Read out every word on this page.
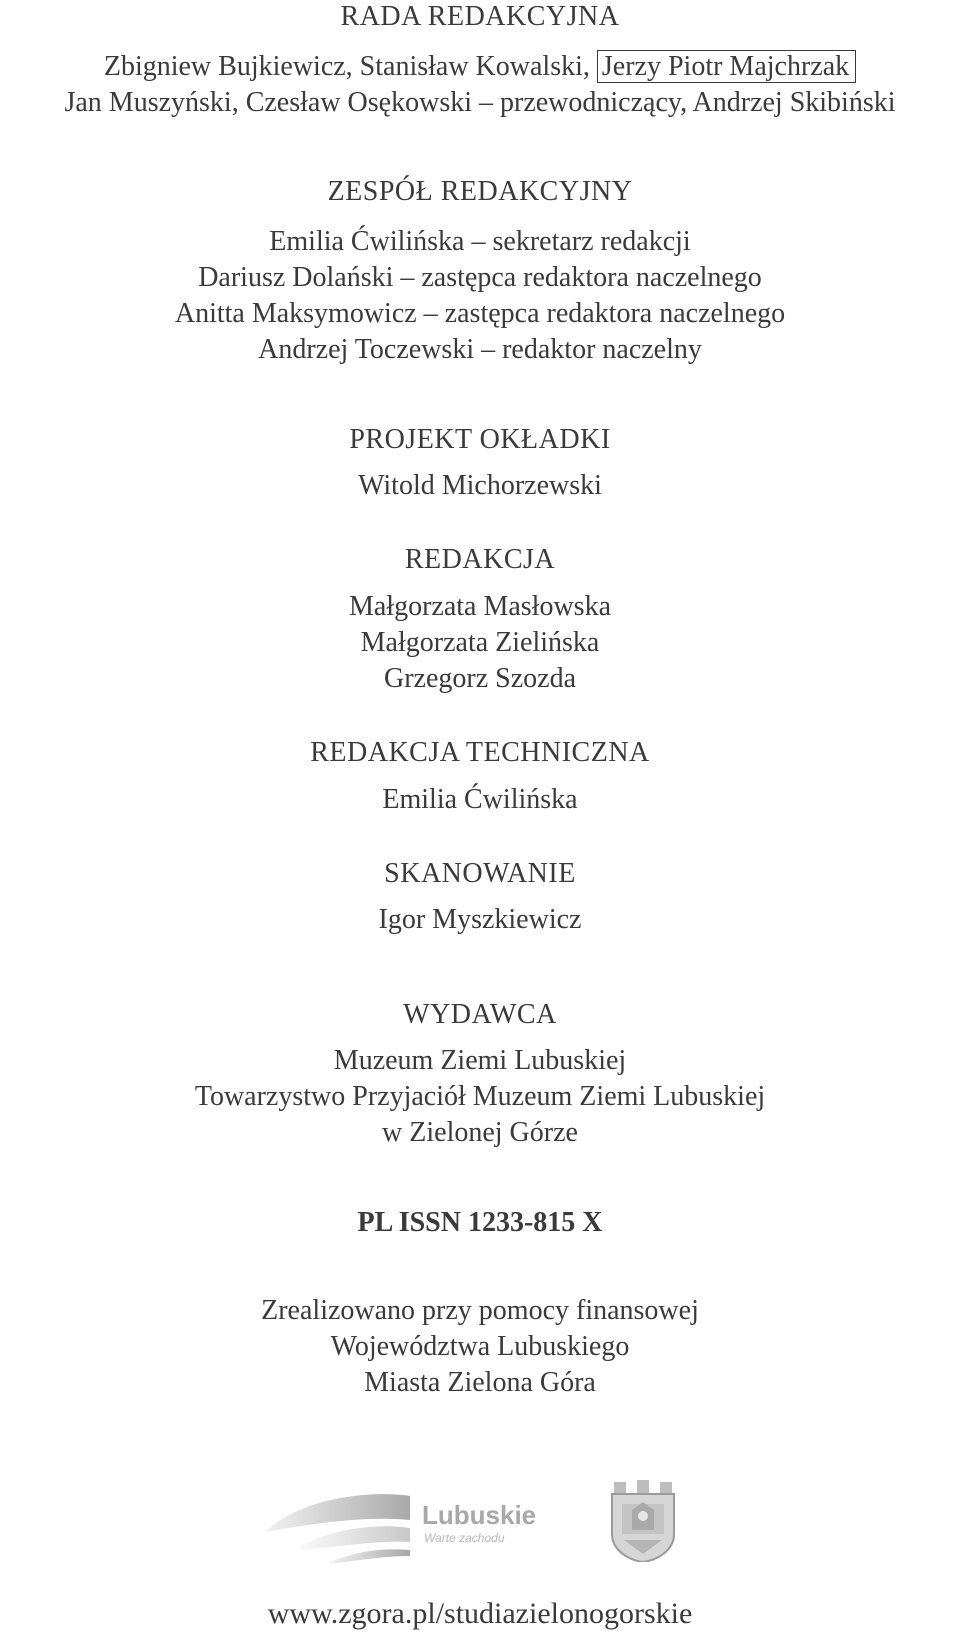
RADA REDAKCYJNA
Zbigniew Bujkiewicz, Stanisław Kowalski, Jerzy Piotr Majchrzak
Jan Muszyński, Czesław Osękowski – przewodniczący, Andrzej Skibiński
ZESPÓŁ REDAKCYJNY
Emilia Ćwilińska – sekretarz redakcji
Dariusz Dolański – zastępca redaktora naczelnego
Anitta Maksymowicz – zastępca redaktora naczelnego
Andrzej Toczewski – redaktor naczelny
PROJEKT OKŁADKI
Witold Michorzewski
REDAKCJA
Małgorzata Masłowska
Małgorzata Zielińska
Grzegorz Szozda
REDAKCJA TECHNICZNA
Emilia Ćwilińska
SKANOWANIE
Igor Myszkiewicz
WYDAWCA
Muzeum Ziemi Lubuskiej
Towarzystwo Przyjaciół Muzeum Ziemi Lubuskiej
w Zielonej Górze
PL ISSN 1233-815 X
Zrealizowano przy pomocy finansowej
Województwa Lubuskiego
Miasta Zielona Góra
Lubuskie
Warte zachodu
www.zgora.pl/studiazielonogorskie
